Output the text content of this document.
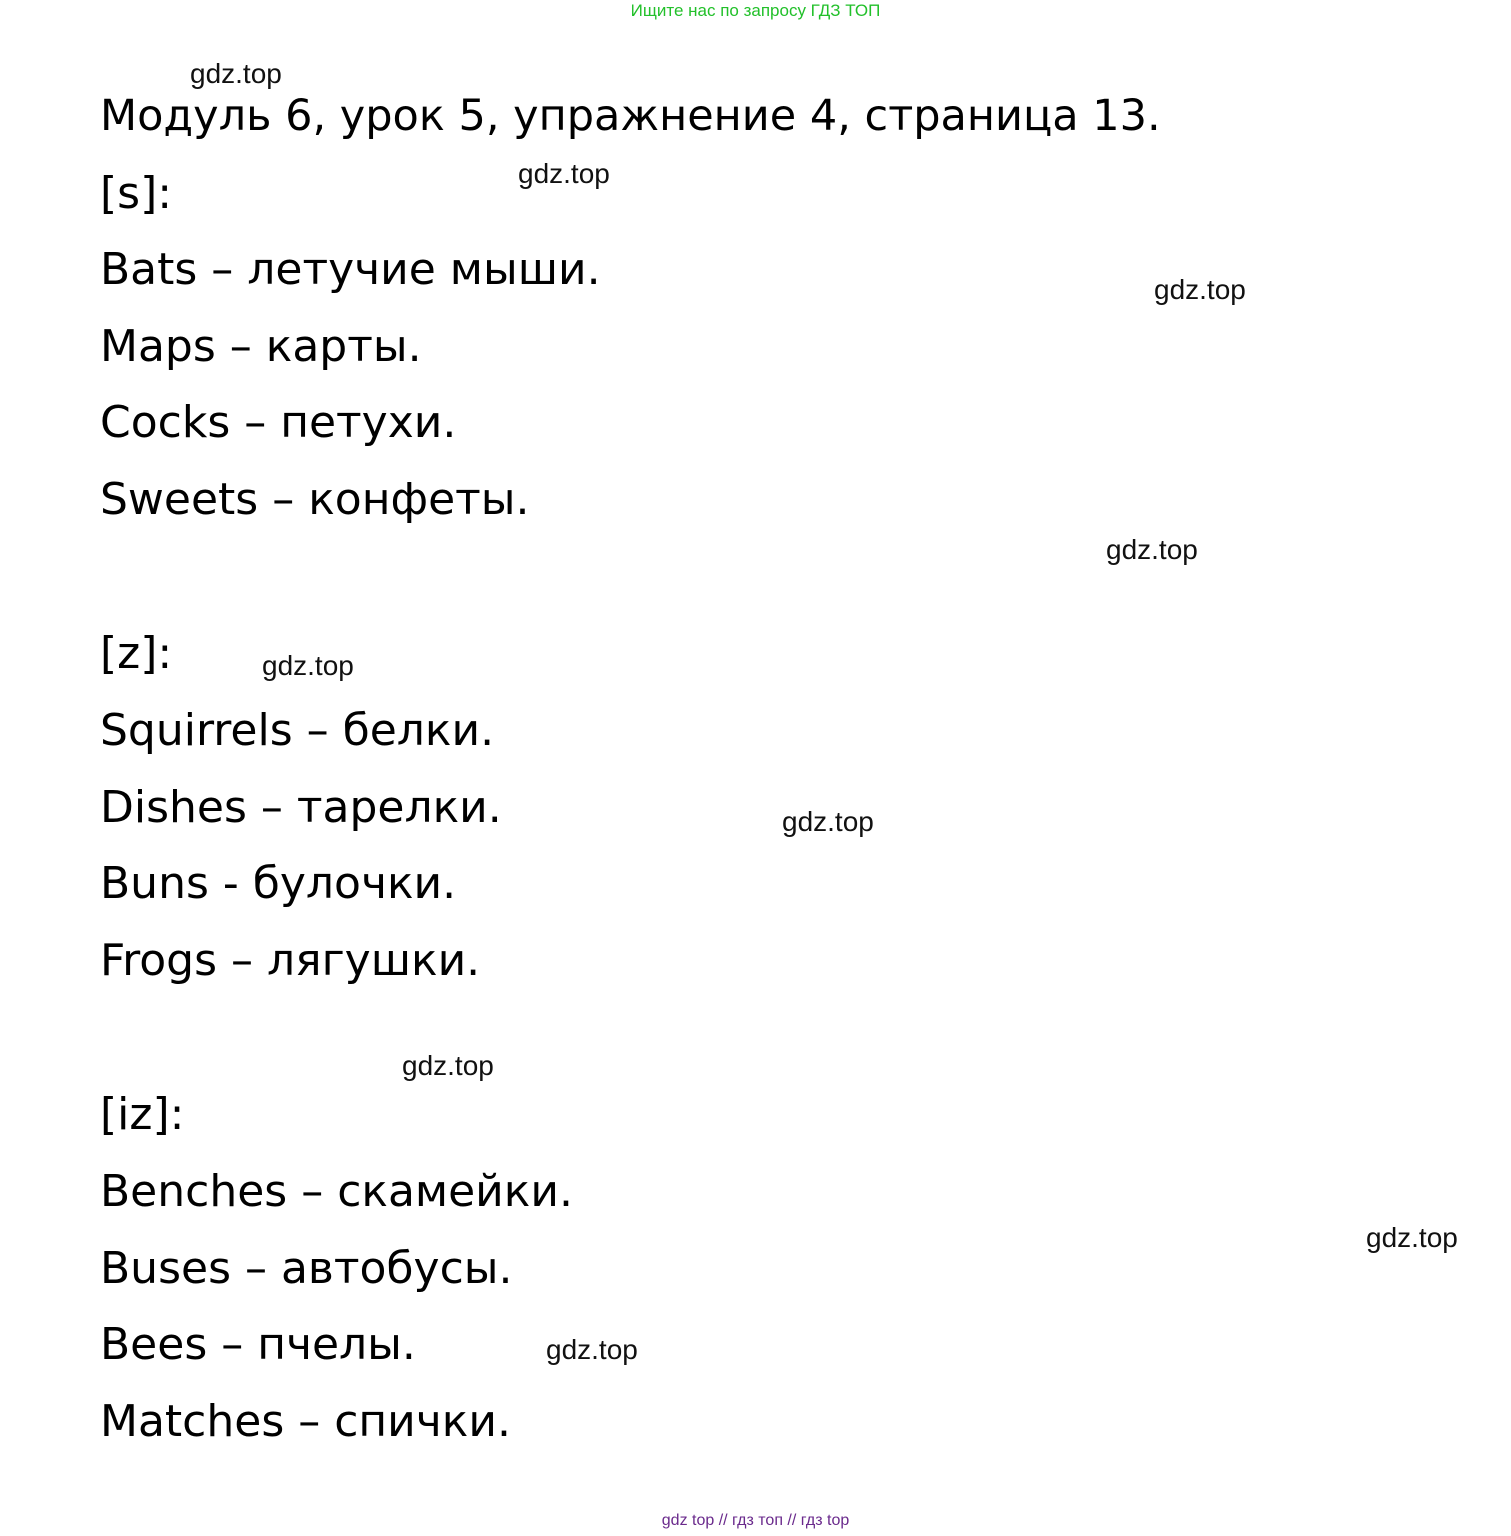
Ищите нас по запросу ГДЗ ТОП
Модуль 6, урок 5, упражнение 4, страница 13.
[s]:
Bats – летучие мыши.
Maps – карты.
Cocks – петухи.
Sweets – конфеты.
[z]:
Squirrels – белки.
Dishes – тарелки.
Buns - булочки.
Frogs – лягушки.
[iz]:
Benches – скамейки.
Buses – автобусы.
Bees – пчелы.
Matches – спички.
gdz.top
gdz.top
gdz.top
gdz.top
gdz.top
gdz.top
gdz.top
gdz.top
gdz.top
gdz top // гдз топ // гдз top
